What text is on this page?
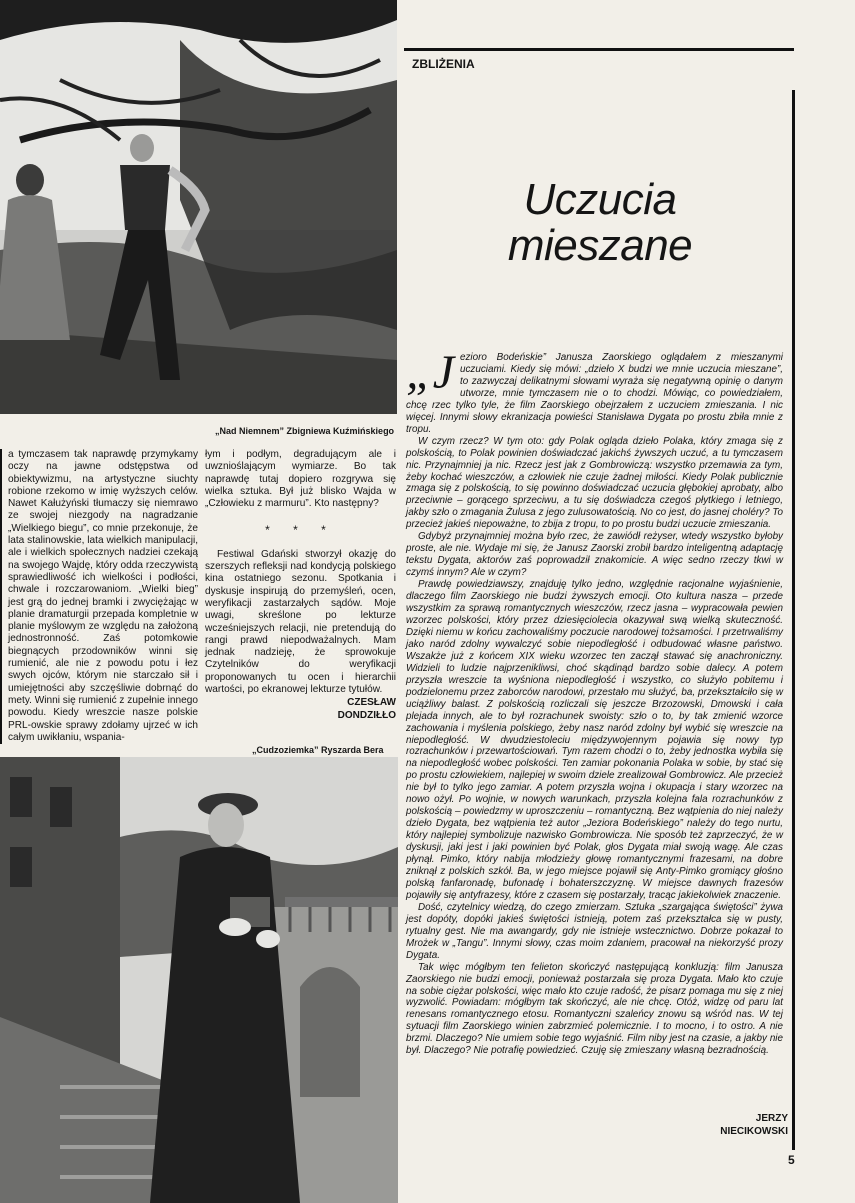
„Nad Niemnem” Zbigniewa Kuźmińskiego

a tymczasem tak naprawdę przymykamy oczy na jawne odstępstwa od obiektywizmu, na artystyczne siuchty robione rzekomo w imię wyższych celów. Nawet Kałużyński tłumaczy się niemrawo ze swojej niezgody na nagradzanie „Wielkiego biegu”, co mnie przekonuje, że lata stalinowskie, lata wielkich manipulacji, ale i wielkich społecznych nadziei czekają na swojego Wajdę, który odda rzeczywistą sprawiedliwość ich wielkości i podłości, chwale i rozczarowaniom. „Wielki bieg” jest grą do jednej bramki i zwyciężając w planie dramaturgii przepada kompletnie w planie myślowym ze względu na założoną jednostronność. Zaś potomkowie biegnących przodowników winni się rumienić, ale nie z powodu potu i łez swych ojców, którym nie starczało sił i umiejętności aby szczęśliwie dobrnąć do mety. Winni się rumienić z zupełnie innego powodu. Kiedy wreszcie nasze polskie PRL-owskie sprawy zdołamy ujrzeć w ich całym uwikłaniu, wspania-

łym i podłym, degradującym ale i uwznioślającym wymiarze. Bo tak naprawdę tutaj dopiero rozgrywa się wielka sztuka. Był już blisko Wajda w „Człowieku z marmuru”. Kto następny?

* * *

Festiwal Gdański stworzył okazję do szerszych refleksji nad kondycją polskiego kina ostatniego sezonu. Spotkania i dyskusje inspirują do przemyśleń, ocen, weryfikacji zastarzałych sądów. Moje uwagi, skreślone po lekturze wcześniejszych relacji, nie pretendują do rangi prawd niepodważalnych. Mam jednak nadzieję, że sprowokuje Czytelników do weryfikacji proponowanych tu ocen i hierarchii wartości, po ekranowej lekturze tytułów.

CZESŁAW
DONDZIŁŁO
„Cudzoziemka” Ryszarda Bera
ZBLIŻENIA
Uczucia mieszane

„Jezioro Bodeńskie” Janusza Zaorskiego oglądałem z mieszanymi uczuciami. Kiedy się mówi: „dzieło X budzi we mnie uczucia mieszane”, to zazwyczaj delikatnymi słowami wyraża się negatywną opinię o danym utworze, mnie tymczasem nie o to chodzi. Mówiąc, co powiedziałem, chcę rzec tylko tyle, że film Zaorskiego obejrzałem z uczuciem zmieszania. I nic więcej. Innymi słowy ekranizacja powieści Stanisława Dygata po prostu zbiła mnie z tropu.

W czym rzecz? W tym oto: gdy Polak ogląda dzieło Polaka, który zmaga się z polskością, to Polak powinien doświadczać jakichś żywszych uczuć, a tu tymczasem nic. Przynajmniej ja nic. Rzecz jest jak z Gombrowiczą: wszystko przemawia za tym, żeby kochać wieszczów, a człowiek nie czuje żadnej miłości. Kiedy Polak publicznie zmaga się z polskością, to się powinno doświadczać uczucia głębokiej aprobaty, albo przeciwnie – gorącego sprzeciwu, a tu się doświadcza czegoś płytkiego i letniego, jakby szło o zmagania Żulusa z jego zulusowatością. No co jest, do jasnej choléry? To przecież jakieś niepoważne, to zbija z tropu, to po prostu budzi uczucie zmieszania.

Gdybyż przynajmniej można było rzec, że zawiódł reżyser, wtedy wszystko byłoby proste, ale nie. Wydaje mi się, że Janusz Zaorski zrobił bardzo inteligentną adaptację tekstu Dygata, aktorów zaś poprowadził znakomicie. A więc sedno rzeczy tkwi w czymś innym? Ale w czym?

Prawdę powiedziawszy, znajduję tylko jedno, względnie racjonalne wyjaśnienie, dlaczego film Zaorskiego nie budzi żywszych emocji. Oto kultura nasza – przede wszystkim za sprawą romantycznych wieszczów, rzecz jasna – wypracowała pewien wzorzec polskości, który przez dziesięciolecia okazywał swą wielką skuteczność. Dzięki niemu w końcu zachowaliśmy poczucie narodowej tożsamości. I przetrwaliśmy jako naród zdolny wywalczyć sobie niepodległość i odbudować własne państwo. Wszakże już z końcem XIX wieku wzorzec ten zaczął stawać się anachroniczny. Widzieli to ludzie najprzenikliwsi, choć skądinąd bardzo sobie dalecy. A potem przyszła wreszcie ta wyśniona niepodległość i wszystko, co służyło pobitemu i podzielonemu przez zaborców narodowi, przestało mu służyć, ba, przekształciło się w uciążliwy balast. Z polskością rozliczali się jeszcze Brzozowski, Dmowski i cała plejada innych, ale to był rozrachunek swoisty: szło o to, by tak zmienić wzorce zachowania i myślenia polskiego, żeby nasz naród zdolny był wybić się wreszcie na niepodległość. W dwudziestoleciu międzywojennym pojawia się nowy typ rozrachunków i przewartościowań. Tym razem chodzi o to, żeby jednostka wybiła się na niepodległość wobec polskości. Ten zamiar pokonania Polaka w sobie, by stać się po prostu człowiekiem, najlepiej w swoim dziele zrealizował Gombrowicz. Ale przecież nie był to tylko jego zamiar. A potem przyszła wojna i okupacja i stary wzorzec na nowo ożył. Po wojnie, w nowych warunkach, przyszła kolejna fala rozrachunków z polskością – powiedzmy w uproszczeniu – romantyczną. Bez wątpienia do niej należy dzieło Dygata, bez wątpienia też autor „Jeziora Bodeńskiego” należy do tego nurtu, który najlepiej symbolizuje nazwisko Gombrowicza. Nie sposób też zaprzeczyć, że w dyskusji, jaki jest i jaki powinien być Polak, głos Dygata miał swoją wagę. Ale czas płynął. Pimko, który nabija młodzieży głowę romantycznymi frazesami, na dobre zniknął z polskich szkół. Ba, w jego miejsce pojawił się Anty-Pimko gromiący głośno polską fanfaronadę, bufonadę i bohaterszczyznę. W miejsce dawnych frazesów pojawiły się antyfrazesy, które z czasem się postarzały, tracąc jakiekolwiek znaczenie.

Dość, czytelnicy wiedzą, do czego zmierzam. Sztuka „szargająca świętości” żywa jest dopóty, dopóki jakieś świętości istnieją, potem zaś przekształca się w pusty, rytualny gest. Nie ma awangardy, gdy nie istnieje wstecznictwo. Dobrze pokazał to Mrożek w „Tangu”. Innymi słowy, czas moim zdaniem, pracował na niekorzyść prozy Dygata.

Tak więc mógłbym ten felieton skończyć następującą konkluzją: film Janusza Zaorskiego nie budzi emocji, ponieważ postarzała się proza Dygata. Mało kto czuje na sobie ciężar polskości, więc mało kto czuje radość, że pisarz pomaga mu się z niej wyzwolić. Powiadam: mógłbym tak skończyć, ale nie chcę. Otóż, widzę od paru lat renesans romantycznego etosu. Romantyczni szaleńcy znowu są wśród nas. W tej sytuacji film Zaorskiego winien zabrzmieć polemicznie. I to mocno, i to ostro. A nie brzmi. Dlaczego? Nie umiem sobie tego wyjaśnić. Film niby jest na czasie, a jakby nie był. Dlaczego? Nie potrafię powiedzieć. Czuję się zmieszany własną bezradnością.

JERZY
NIECIKOWSKI
5
